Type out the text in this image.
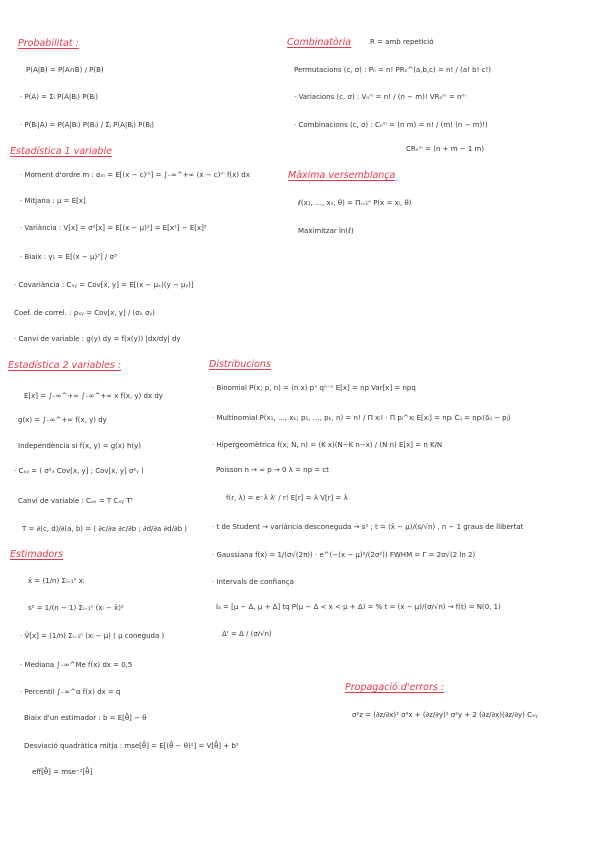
Probabilitat :
P(A|B) = P(A∩B) / P(B)
· P(A) = Σᵢ P(A|Bᵢ) P(Bᵢ)
· P(Bᵢ|A) = P(A|Bᵢ) P(Bᵢ) / Σⱼ P(A|Bⱼ) P(Bⱼ)
Estadística 1 variable
· Moment d'ordre m : αₘ = E[(x − c)ᵐ] = ∫₋∞^+∞ (x − c)ᵐ f(x) dx
· Mitjana : μ = E[x]
· Variància : V[x] = σ²[x] = E[(x − μ)²] = E[x²] − E[x]²
· Biaix : γ₁ = E[(x − μ)³] / σ³
· Covariància : Cₓᵧ = Cov[x, y] = E[(x − μₓ)(y − μᵧ)]
Coef. de correl. : ρₓᵧ = Cov[x, y] / (σₓ σᵧ)
· Canvi de variable : g(y) dy = f(x(y)) |dx/dy| dy
Estadística 2 variables :
E[x] = ∫₋∞^+∞ ∫₋∞^+∞ x f(x, y) dx dy
g(x) = ∫₋∞^+∞ f(x, y) dy
Independència si f(x, y) = g(x) h(y)
· Cₓᵧ = ( σ²ₓ Cov[x, y] ; Cov[x, y] σ²ᵧ )
Canvi de variable : Cᵤᵥ = T Cₓᵧ Tᵀ
T = ∂(c, d)/∂(a, b) = ( ∂c/∂a ∂c/∂b ; ∂d/∂a ∂d/∂b )
Estimadors
x̄ = (1/n) Σᵢ₌₁ⁿ xᵢ
s² = 1/(n − 1) Σᵢ₌₁ⁿ (xᵢ − x̄)²
· V̂[x] = (1/n) Σᵢ₌₁ⁿ (xᵢ − μ) ( μ coneguda )
· Mediana ∫₋∞^Me f(x) dx = 0,5
· Percentil ∫₋∞^α f(x) dx = q
Biaix d'un estimador : b = E[θ̂] − θ
Desviació quadràtica mitja : mse[θ̂] = E[(θ̂ − θ)²] = V[θ̂] + b²
eff[θ̂] = mse⁻¹[θ̂]
Combinatòria	R = amb repetició
Permutacions (c, σ) : Pₙ = n! PRₙ^(a,b,c) = n! / (a! b! c!)
· Variacions (c, σ) : Vₙᵐ = n! / (n − m)! VRₙᵐ = nᵐ
· Combinacions (c, σ) : Cₙᵐ = (n m) = n! / (m! (n − m)!)
CRₙᵐ = (n + m − 1 m)
Màxima versemblança
ℓ(x₁, …, xₙ, θ) = Πᵢ₌₁ⁿ P(x = xᵢ, θ)
Maximitzar ln(ℓ)
Distribucions
· Binomial P(x; p, n) = (n x) pˣ qⁿ⁻ˣ E[x] = np Var[x] = npq
· Multinomial P(x₁, …, xₖ; p₁, …, pₖ, n) = n! / Π xᵢ! · Π pᵢ^xᵢ E[xᵢ] = npᵢ Cᵢⱼ = npᵢ(δᵢⱼ − pⱼ)
· Hipergeomètrica f(x; N, n) = (K x)(N−K n−x) / (N n) E[x] = n K/N
Poisson n → ∞ p → 0 λ = np = ct
f(r, λ) = e⁻λ λʳ / r! E[r] = λ V[r] = λ
· t de Student → variància desconeguda → s² ; t = (x̄ − μ)/(s/√n) , n − 1 graus de llibertat
· Gaussiana f(x) = 1/(σ√(2π)) · e^(−(x − μ)²/(2σ²)) FWHM = Γ = 2σ√(2 ln 2)
· Intervals de confiança
Iₐ = [μ − Δ, μ + Δ] tq P(μ − Δ < x < μ + Δ) = % t = (x − μ)/(σ/√n) → f(t) = N(0, 1)
Δ' = Δ / (σ/√n)
Propagació d'errors :
σ²z = (∂z/∂x)² σ²x + (∂z/∂y)² σ²y + 2 (∂z/∂x)(∂z/∂y) Cₓᵧ
